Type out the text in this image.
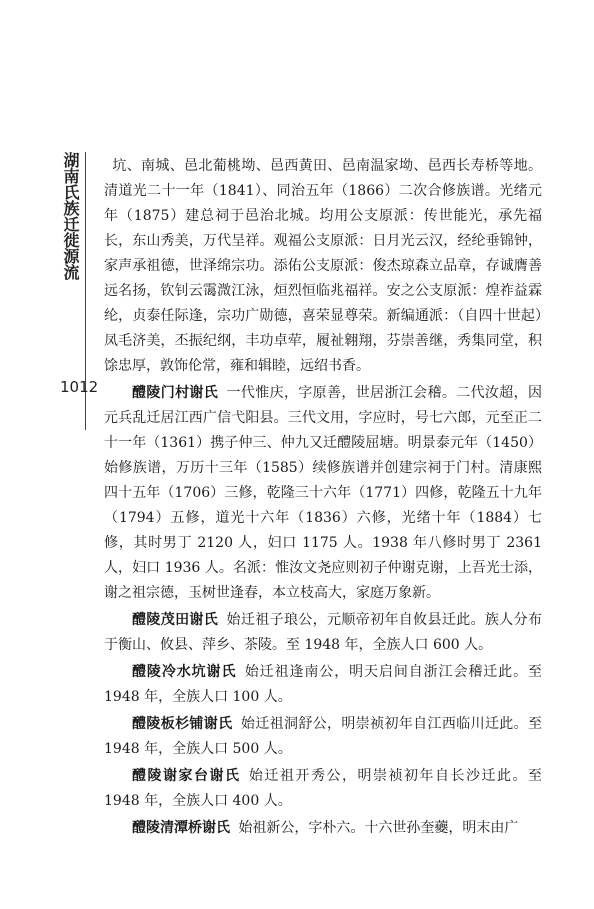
湖南氏族迁徙源流
1012

坑、南城、邑北葡桃坳、邑西黄田、邑南温家坳、邑西长寿桥等地。清道光二十一年（1841）、同治五年（1866）二次合修族谱。光绪元年（1875）建总祠于邑治北城。均用公支原派：传世能光，承先福长，东山秀美，万代呈祥。观福公支原派：日月光云汉，经纶垂锦钟，家声承祖德，世泽绵宗功。添佑公支原派：俊杰琼森立品章，存诚膺善远名扬，钦钊云霭溦江泳，烜烈恒临兆福祥。安之公支原派：煌祚益霖纶，贞泰任际逢，宗功广勋德，喜荣显尊荣。新编通派：（自四十世起）凤毛济美，丕振纪纲，丰功卓荦，履祉翱翔，芬崇善继，秀集同堂，积馀忠厚，敦饰伦常，雍和辑睦，远绍书香。

醴陵门村谢氏 一代惟庆，字原善，世居浙江会稽。二代汝超，因元兵乱迁居江西广信弋阳县。三代文用，字应时，号七六郎，元至正二十一年（1361）携子仲三、仲九又迁醴陵屈塘。明景泰元年（1450）始修族谱，万历十三年（1585）续修族谱并创建宗祠于门村。清康熙四十五年（1706）三修，乾隆三十六年（1771）四修，乾隆五十九年（1794）五修，道光十六年（1836）六修，光绪十年（1884）七修，其时男丁 2120 人，妇口 1175 人。1938 年八修时男丁 2361 人，妇口 1936 人。名派：惟汝文尧应则初子仲谢克谢，上吾光士添，谢之祖宗德，玉树世逢春，本立枝高大，家庭万象新。

醴陵茂田谢氏 始迁祖子琅公，元顺帝初年自攸县迁此。族人分布于衡山、攸县、萍乡、茶陵。至 1948 年，全族人口 600 人。

醴陵冷水坑谢氏 始迁祖逢南公，明天启间自浙江会稽迁此。至 1948 年，全族人口 100 人。

醴陵板杉铺谢氏 始迁祖洞舒公，明崇祯初年自江西临川迁此。至 1948 年，全族人口 500 人。

醴陵谢家台谢氏 始迁祖开秀公，明崇祯初年自长沙迁此。至 1948 年，全族人口 400 人。

醴陵清潭桥谢氏 始祖新公，字朴六。十六世孙奎虁，明末由广
